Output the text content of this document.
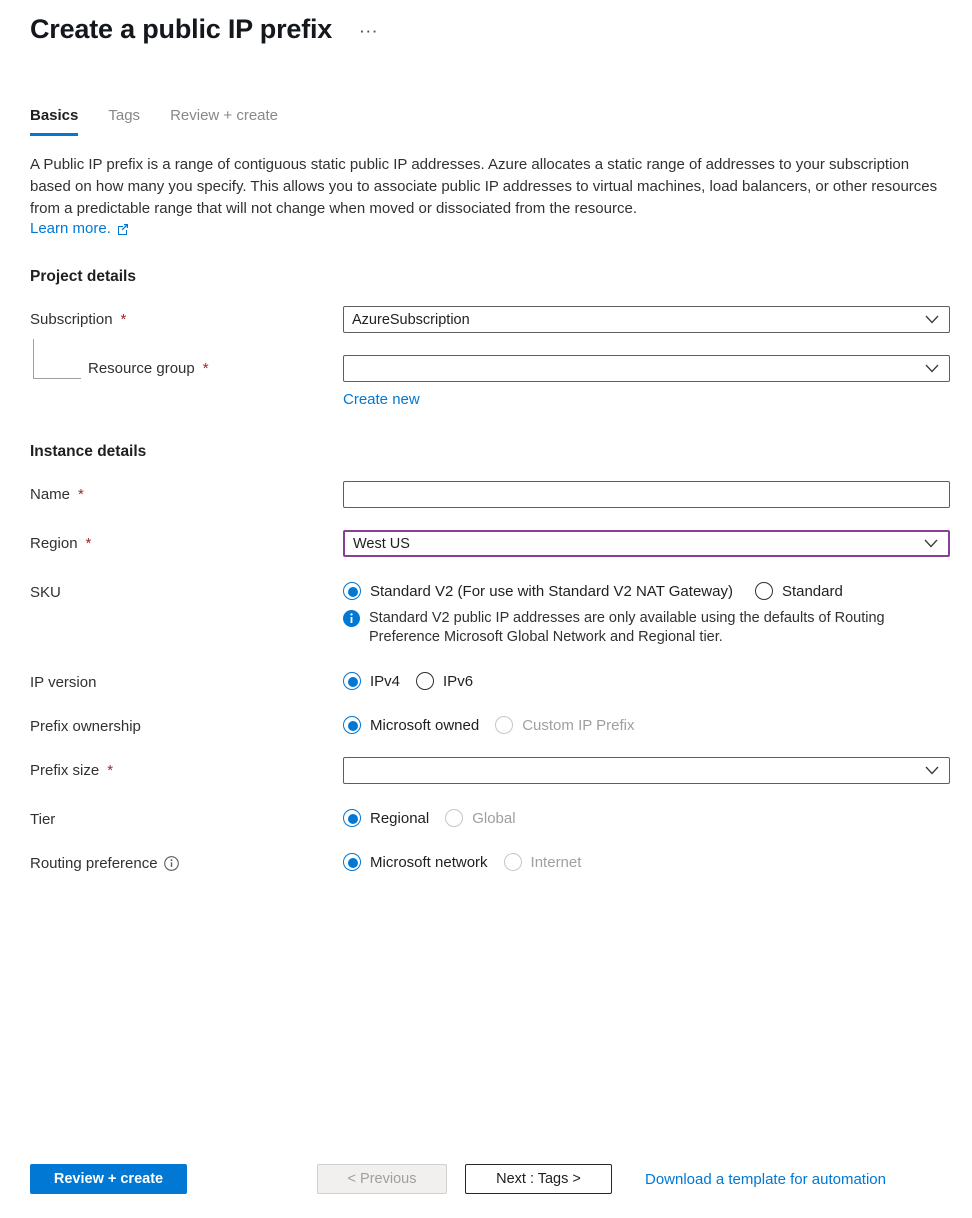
Create a public IP prefix ···
Basics Tags Review + create

A Public IP prefix is a range of contiguous static public IP addresses. Azure allocates a static range of addresses to your subscription based on how many you specify. This allows you to associate public IP addresses to virtual machines, load balancers, or other resources from a predictable range that will not change when moved or dissociated from the resource.

Learn more.
Project details
Subscription *	AzureSubscription
Resource group *
Create new
Instance details
Name *
Region *	West US
SKU	Standard V2 (For use with Standard V2 NAT Gateway)	Standard
Standard V2 public IP addresses are only available using the defaults of Routing Preference Microsoft Global Network and Regional tier.
IP version	IPv4	IPv6
Prefix ownership	Microsoft owned	Custom IP Prefix
Prefix size *
Tier	Regional	Global
Routing preference	Microsoft network	Internet
Review + create	< Previous	Next : Tags >	Download a template for automation
